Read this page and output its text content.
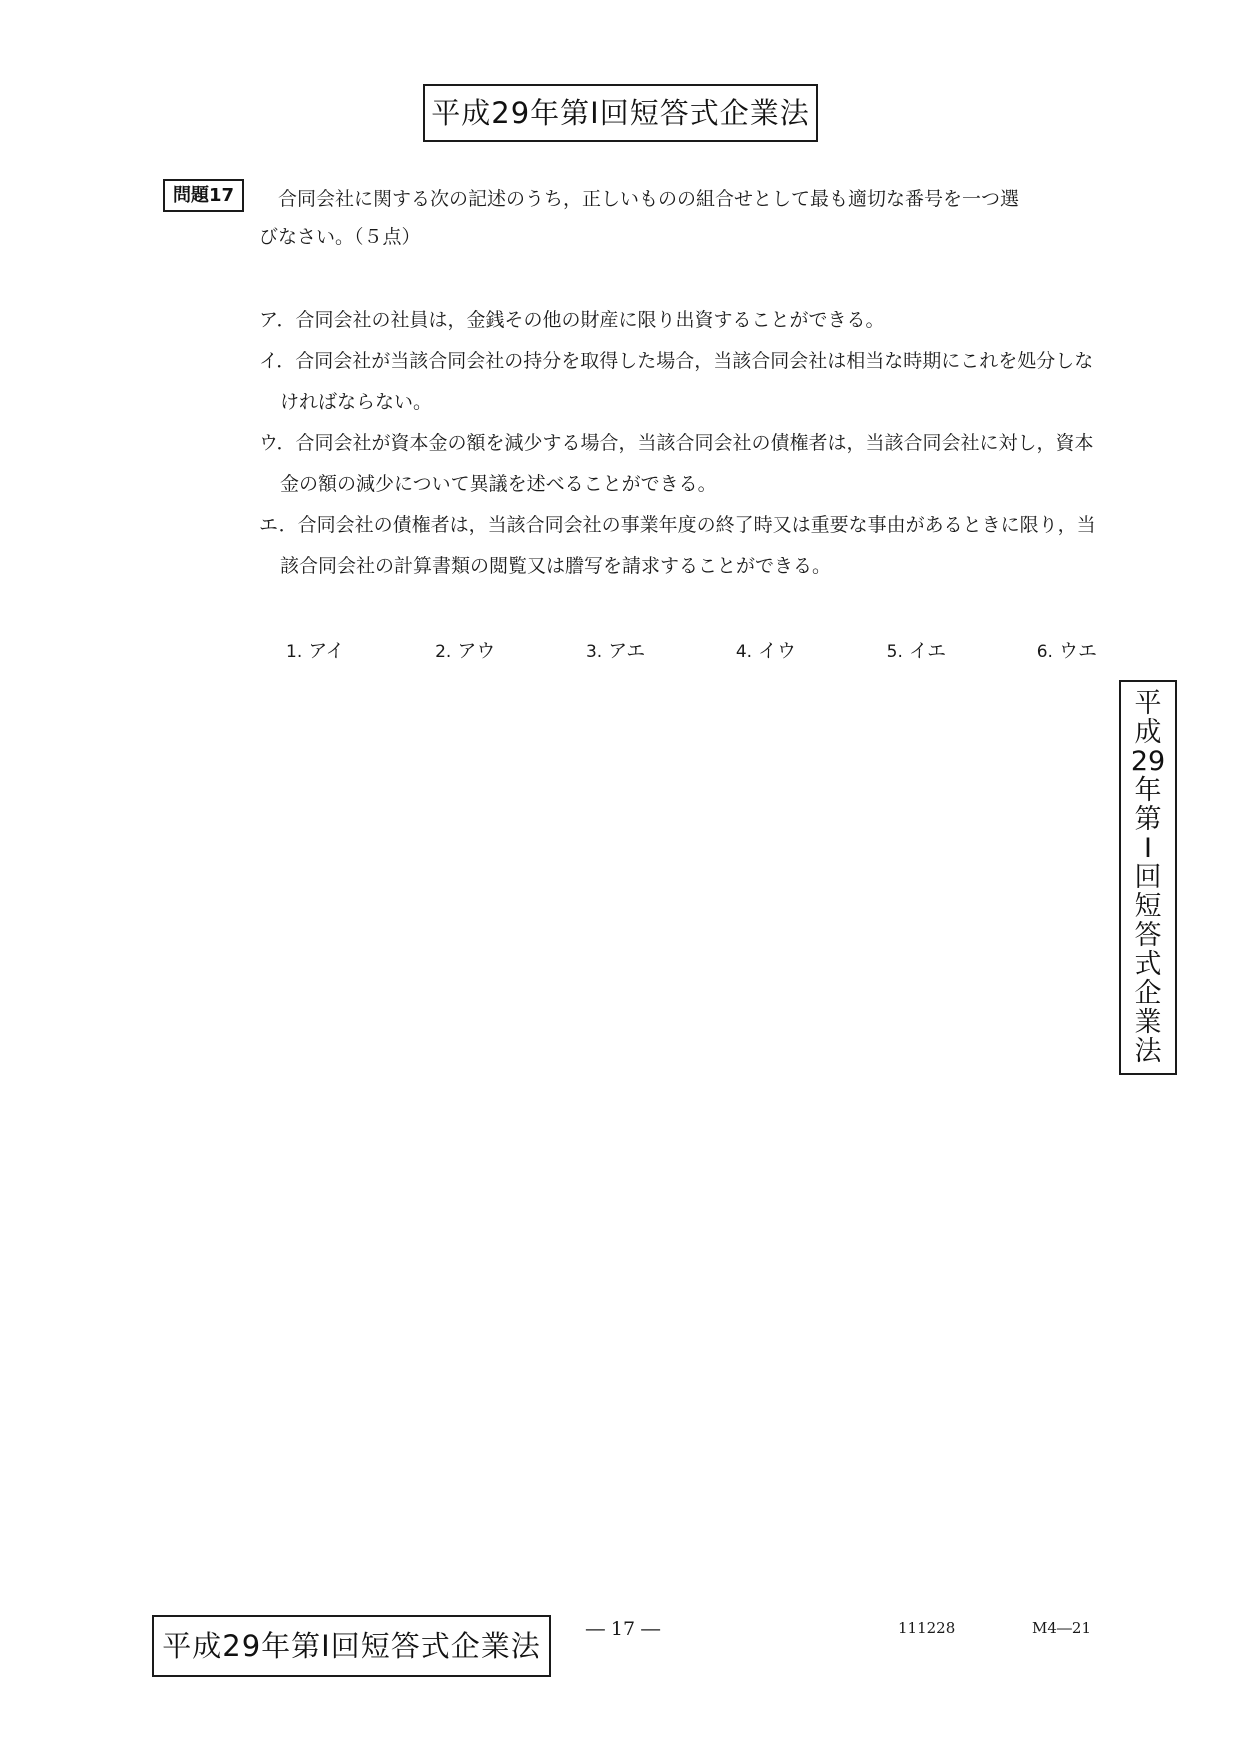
平成29年第Ⅰ回短答式企業法
問題17	合同会社に関する次の記述のうち，正しいものの組合せとして最も適切な番号を一つ選
びなさい。（５点）

ア．合同会社の社員は，金銭その他の財産に限り出資することができる。

イ．合同会社が当該合同会社の持分を取得した場合，当該合同会社は相当な時期にこれを処分しなければならない。

ウ．合同会社が資本金の額を減少する場合，当該合同会社の債権者は，当該合同会社に対し，資本金の額の減少について異議を述べることができる。

エ．合同会社の債権者は，当該合同会社の事業年度の終了時又は重要な事由があるときに限り，当該合同会社の計算書類の閲覧又は謄写を請求することができる。

1. アイ	2. アウ	3. アエ	4. イウ	5. イエ	6. ウエ
平
成
29
年
第
Ⅰ
回
短
答
式
企
業
法
平成29年第Ⅰ回短答式企業法	― 17 ―	111228	M4―21
